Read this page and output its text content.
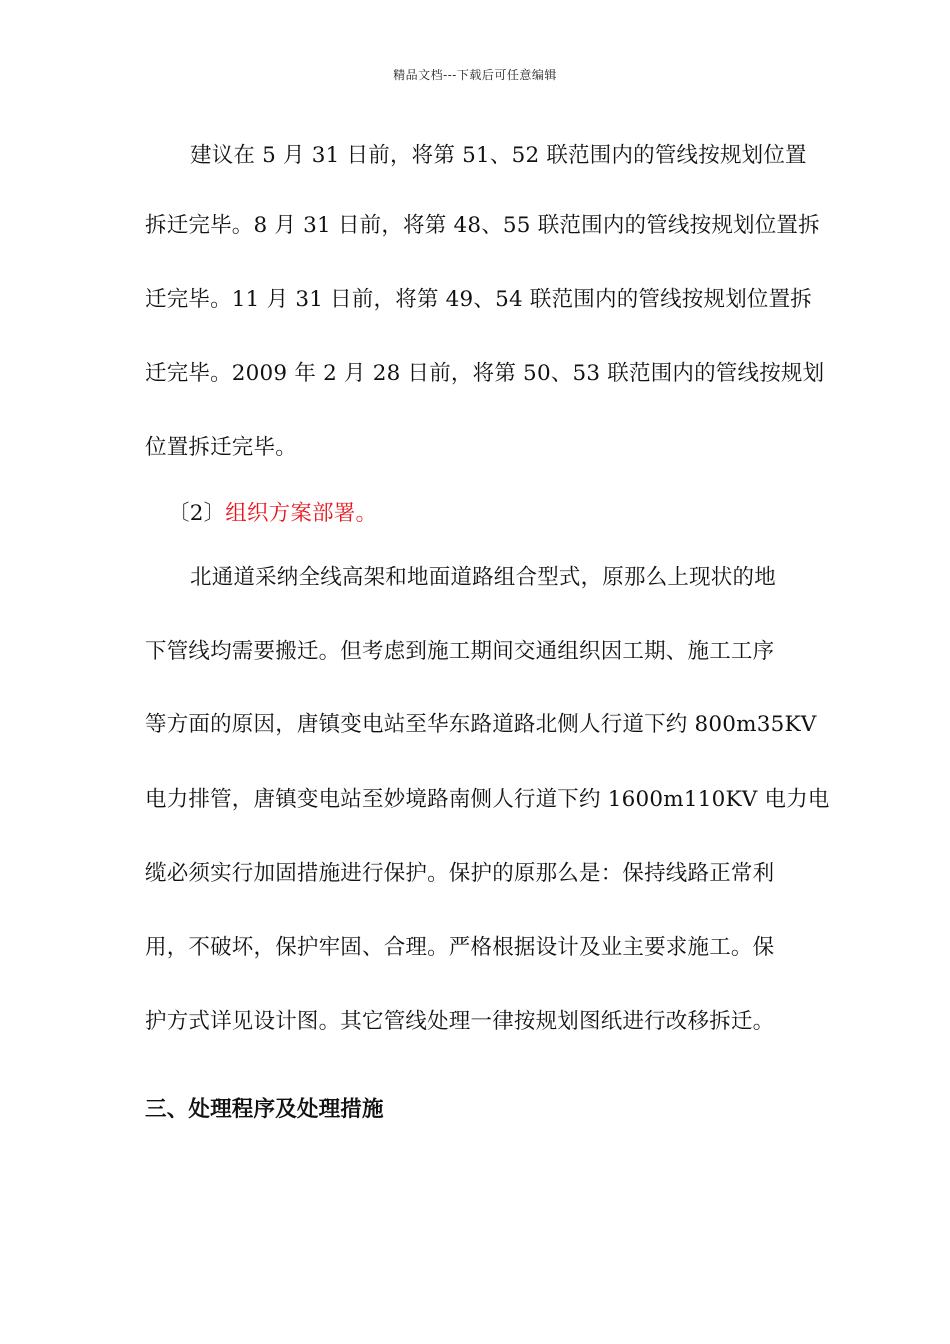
精品文档---下载后可任意编辑
建议在 5 月 31 日前，将第 51、52 联范围内的管线按规划位置
拆迁完毕。8 月 31 日前，将第 48、55 联范围内的管线按规划位置拆
迁完毕。11 月 31 日前，将第 49、54 联范围内的管线按规划位置拆
迁完毕。2009 年 2 月 28 日前，将第 50、53 联范围内的管线按规划
位置拆迁完毕。
〔2〕组织方案部署。
北通道采纳全线高架和地面道路组合型式，原那么上现状的地
下管线均需要搬迁。但考虑到施工期间交通组织因工期、施工工序
等方面的原因，唐镇变电站至华东路道路北侧人行道下约 800m35KV
电力排管，唐镇变电站至妙境路南侧人行道下约 1600m110KV 电力电
缆必须实行加固措施进行保护。保护的原那么是：保持线路正常利
用，不破坏，保护牢固、合理。严格根据设计及业主要求施工。保
护方式详见设计图。其它管线处理一律按规划图纸进行改移拆迁。
三、处理程序及处理措施
